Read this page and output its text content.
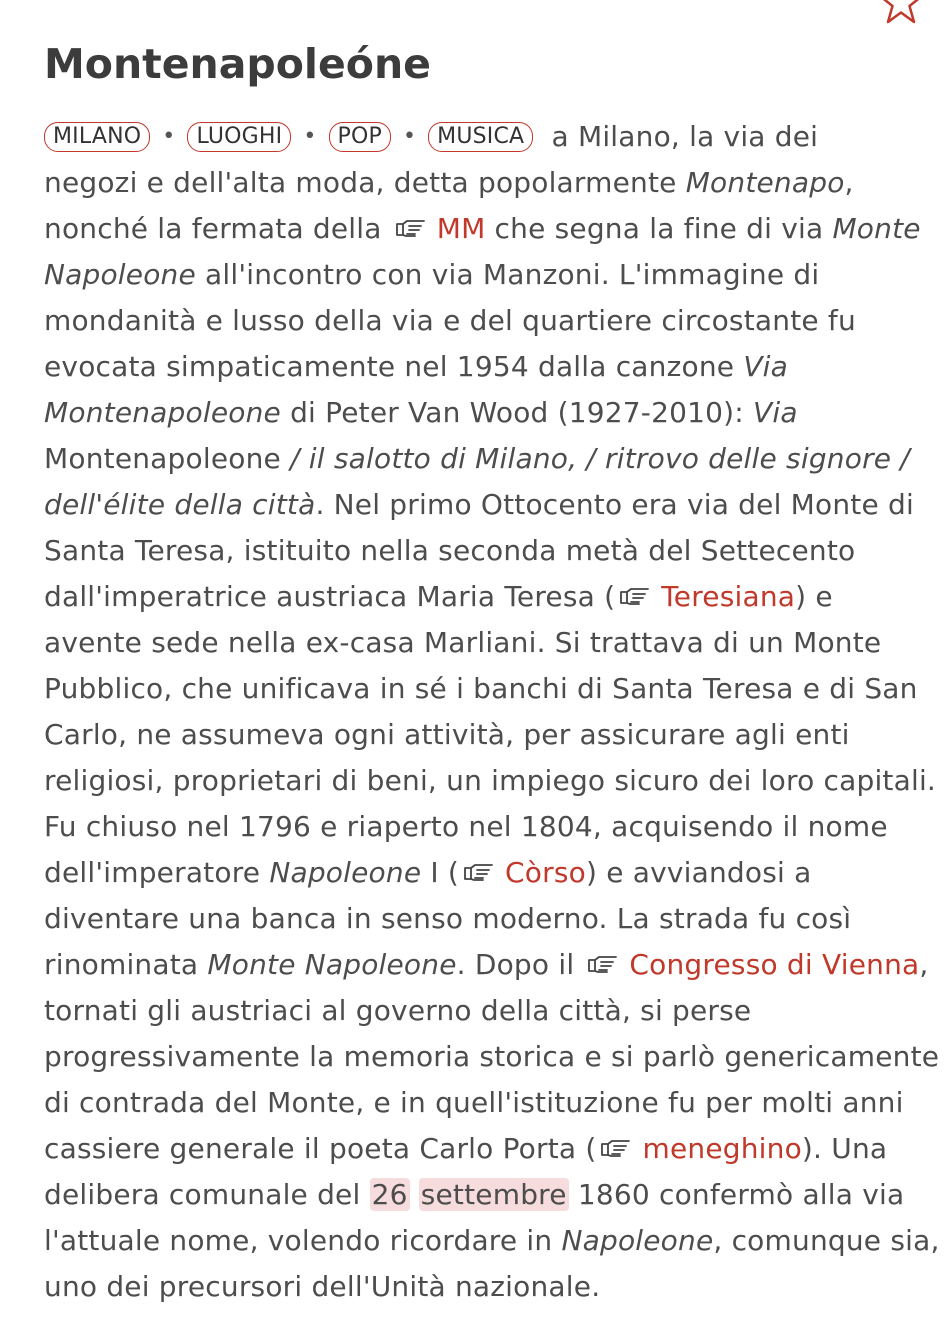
Montenapoleóne
MILANO • LUOGHI • POP • MUSICA a Milano, la via dei
negozi e dell'alta moda, detta popolarmente Montenapo,
nonché la fermata della MM che segna la fine di via Monte
Napoleone all'incontro con via Manzoni. L'immagine di
mondanità e lusso della via e del quartiere circostante fu
evocata simpaticamente nel 1954 dalla canzone Via
Montenapoleone di Peter Van Wood (1927-2010): Via
Montenapoleone / il salotto di Milano, / ritrovo delle signore /
dell'élite della città. Nel primo Ottocento era via del Monte di
Santa Teresa, istituito nella seconda metà del Settecento
dall'imperatrice austriaca Maria Teresa ( Teresiana) e
avente sede nella ex-casa Marliani. Si trattava di un Monte
Pubblico, che unificava in sé i banchi di Santa Teresa e di San
Carlo, ne assumeva ogni attività, per assicurare agli enti
religiosi, proprietari di beni, un impiego sicuro dei loro capitali.
Fu chiuso nel 1796 e riaperto nel 1804, acquisendo il nome
dell'imperatore Napoleone I ( Còrso) e avviandosi a
diventare una banca in senso moderno. La strada fu così
rinominata Monte Napoleone. Dopo il Congresso di Vienna,
tornati gli austriaci al governo della città, si perse
progressivamente la memoria storica e si parlò genericamente
di contrada del Monte, e in quell'istituzione fu per molti anni
cassiere generale il poeta Carlo Porta ( meneghino). Una
delibera comunale del 26 settembre 1860 confermò alla via
l'attuale nome, volendo ricordare in Napoleone, comunque sia,
uno dei precursori dell'Unità nazionale.
